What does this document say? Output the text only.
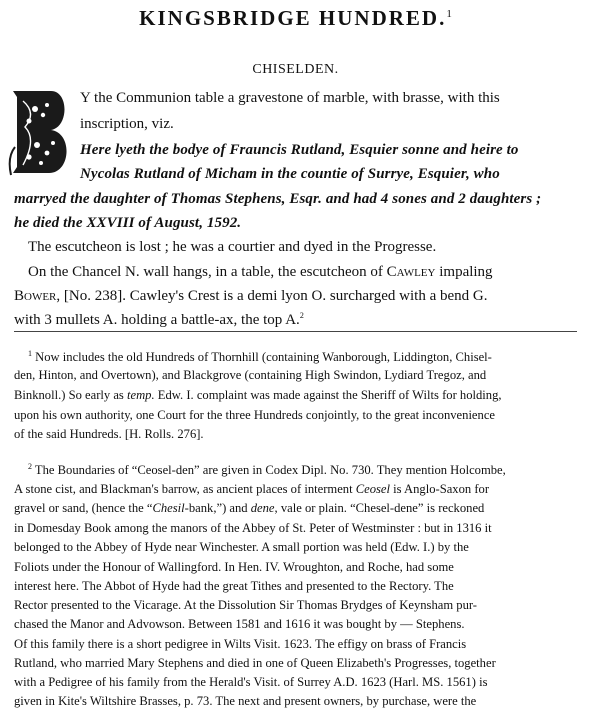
KINGSBRIDGE HUNDRED.$^1$
CHISELDEN.
Y the Communion table a gravestone of marble, with brasse, with this
inscription, viz.
Here lyeth the bodye of Frauncis Rutland, Esquier sonne and heire to
Nycolas Rutland of Micham in the countie of Surrye, Esquier, who
marryed the daughter of Thomas Stephens, Esqr. and had 4 sones and 2 daughters ;
he died the XXVIII of August, 1592.
The escutcheon is lost ; he was a courtier and dyed in the Progresse.
On the Chancel N. wall hangs, in a table, the escutcheon of Cawley impaling
Bower, [No. 238]. Cawley's Crest is a demi lyon O. surcharged with a bend G.
with 3 mullets A. holding a battle-ax, the top A.$^2$
$^1$ Now includes the old Hundreds of Thornhill (containing Wanborough, Liddington, Chisel-
den, Hinton, and Overtown), and Blackgrove (containing High Swindon, Lydiard Tregoz, and
Binknoll.) So early as temp. Edw. I. complaint was made against the Sheriff of Wilts for holding,
upon his own authority, one Court for the three Hundreds conjointly, to the great inconvenience
of the said Hundreds. [H. Rolls. 276].
$^2$ The Boundaries of “Ceosel-den” are given in Codex Dipl. No. 730. They mention Holcombe,
A stone cist, and Blackman's barrow, as ancient places of interment Ceosel is Anglo-Saxon for
gravel or sand, (hence the “Chesil-bank,”) and dene, vale or plain. “Chesel-dene” is reckoned
in Domesday Book among the manors of the Abbey of St. Peter of Westminster : but in 1316 it
belonged to the Abbey of Hyde near Winchester. A small portion was held (Edw. I.) by the
Foliots under the Honour of Wallingford. In Hen. IV. Wroughton, and Roche, had some
interest here. The Abbot of Hyde had the great Tithes and presented to the Rectory. The
Rector presented to the Vicarage. At the Dissolution Sir Thomas Brydges of Keynsham pur-
chased the Manor and Advowson. Between 1581 and 1616 it was bought by — Stephens.
Of this family there is a short pedigree in Wilts Visit. 1623. The effigy on brass of Francis
Rutland, who married Mary Stephens and died in one of Queen Elizabeth's Progresses, together
with a Pedigree of his family from the Herald's Visit. of Surrey A.D. 1623 (Harl. MS. 1561) is
given in Kite's Wiltshire Brasses, p. 73. The next and present owners, by purchase, were the
